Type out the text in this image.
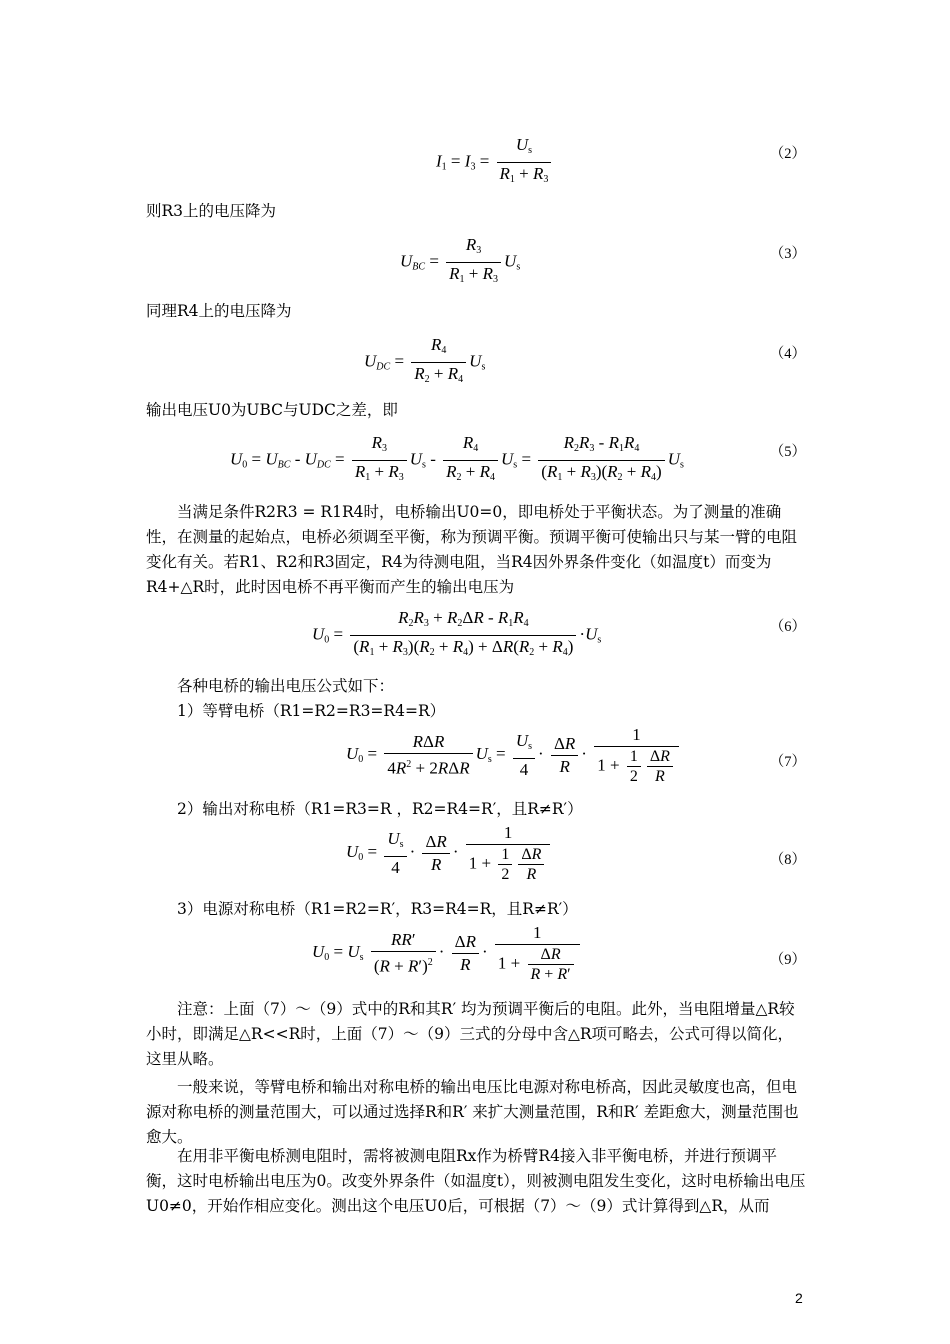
$I_1 = I_3 = \frac{U_s}{R_1 + R_3}$	（2）
则R3上的电压降为
$U_{BC} = \frac{R_3}{R_1 + R_3} U_s$
（3）
同理R4上的电压降为
$U_{DC} = \frac{R_4}{R_2 + R_4} U_s$
（4）
输出电压U0为UBC与UDC之差，即
$U_0 = U_{BC} - U_{DC} = \frac{R_3}{R_1 + R_3} U_s - \frac{R_4}{R_2 + R_4} U_s = \frac{R_2R_3 - R_1R_4}{(R_1 + R_3)(R_2 + R_4)} U_s$
（5）
当满足条件R2R3 = R1R4时，电桥输出U0=0，即电桥处于平衡状态。为了测量的准确性，在测量的起始点，电桥必须调至平衡，称为预调平衡。预调平衡可使输出只与某一臂的电阻变化有关。若R1、R2和R3固定，R4为待测电阻，当R4因外界条件变化（如温度t）而变为R4+△R时，此时因电桥不再平衡而产生的输出电压为
$U_0 = \frac{R_2R_3 + R_2\Delta R - R_1R_4}{(R_1 + R_3)(R_2 + R_4) + \Delta R(R_2 + R_4)} \cdot U_s$
（6）
各种电桥的输出电压公式如下：
1）等臂电桥（R1=R2=R3=R4=R）
$U_0 = \frac{\text{RΔR}}{4R^2 + 2R\Delta R} U_s = \frac{U_s}{4} \cdot \frac{\Delta R}{R} \cdot \frac{1}{1 + \frac{1}{2} \frac{\Delta R}{R}}$	（7）
2）输出对称电桥（R1=R3=R ，R2=R4=R′，且R≠R′）
$U_0 = \frac{U_s}{4} \cdot \frac{\Delta R}{R} \cdot \frac{1}{1 + \frac{1}{2} \frac{\Delta R}{R}}$	（8）
3）电源对称电桥（R1=R2=R′，R3=R4=R，且R≠R′）
$U_0 = U_s \frac{RR'}{(R + R')^2} \cdot \frac{\Delta R}{R} \cdot \frac{1}{1 + \frac{\Delta R}{R + R'}}$	（9）
注意：上面（7）～（9）式中的R和其R′ 均为预调平衡后的电阻。此外，当电阻增量△R较小时，即满足△R<<R时，上面（7）～（9）三式的分母中含△R项可略去，公式可得以简化，这里从略。
一般来说，等臂电桥和输出对称电桥的输出电压比电源对称电桥高，因此灵敏度也高，但电源对称电桥的测量范围大，可以通过选择R和R′ 来扩大测量范围，R和R′ 差距愈大，测量范围也愈大。
在用非平衡电桥测电阻时，需将被测电阻Rx作为桥臂R4接入非平衡电桥，并进行预调平衡，这时电桥输出电压为0。改变外界条件（如温度t），则被测电阻发生变化，这时电桥输出电压U0≠0，开始作相应变化。测出这个电压U0后，可根据（7）～（9）式计算得到△R，从而
2
